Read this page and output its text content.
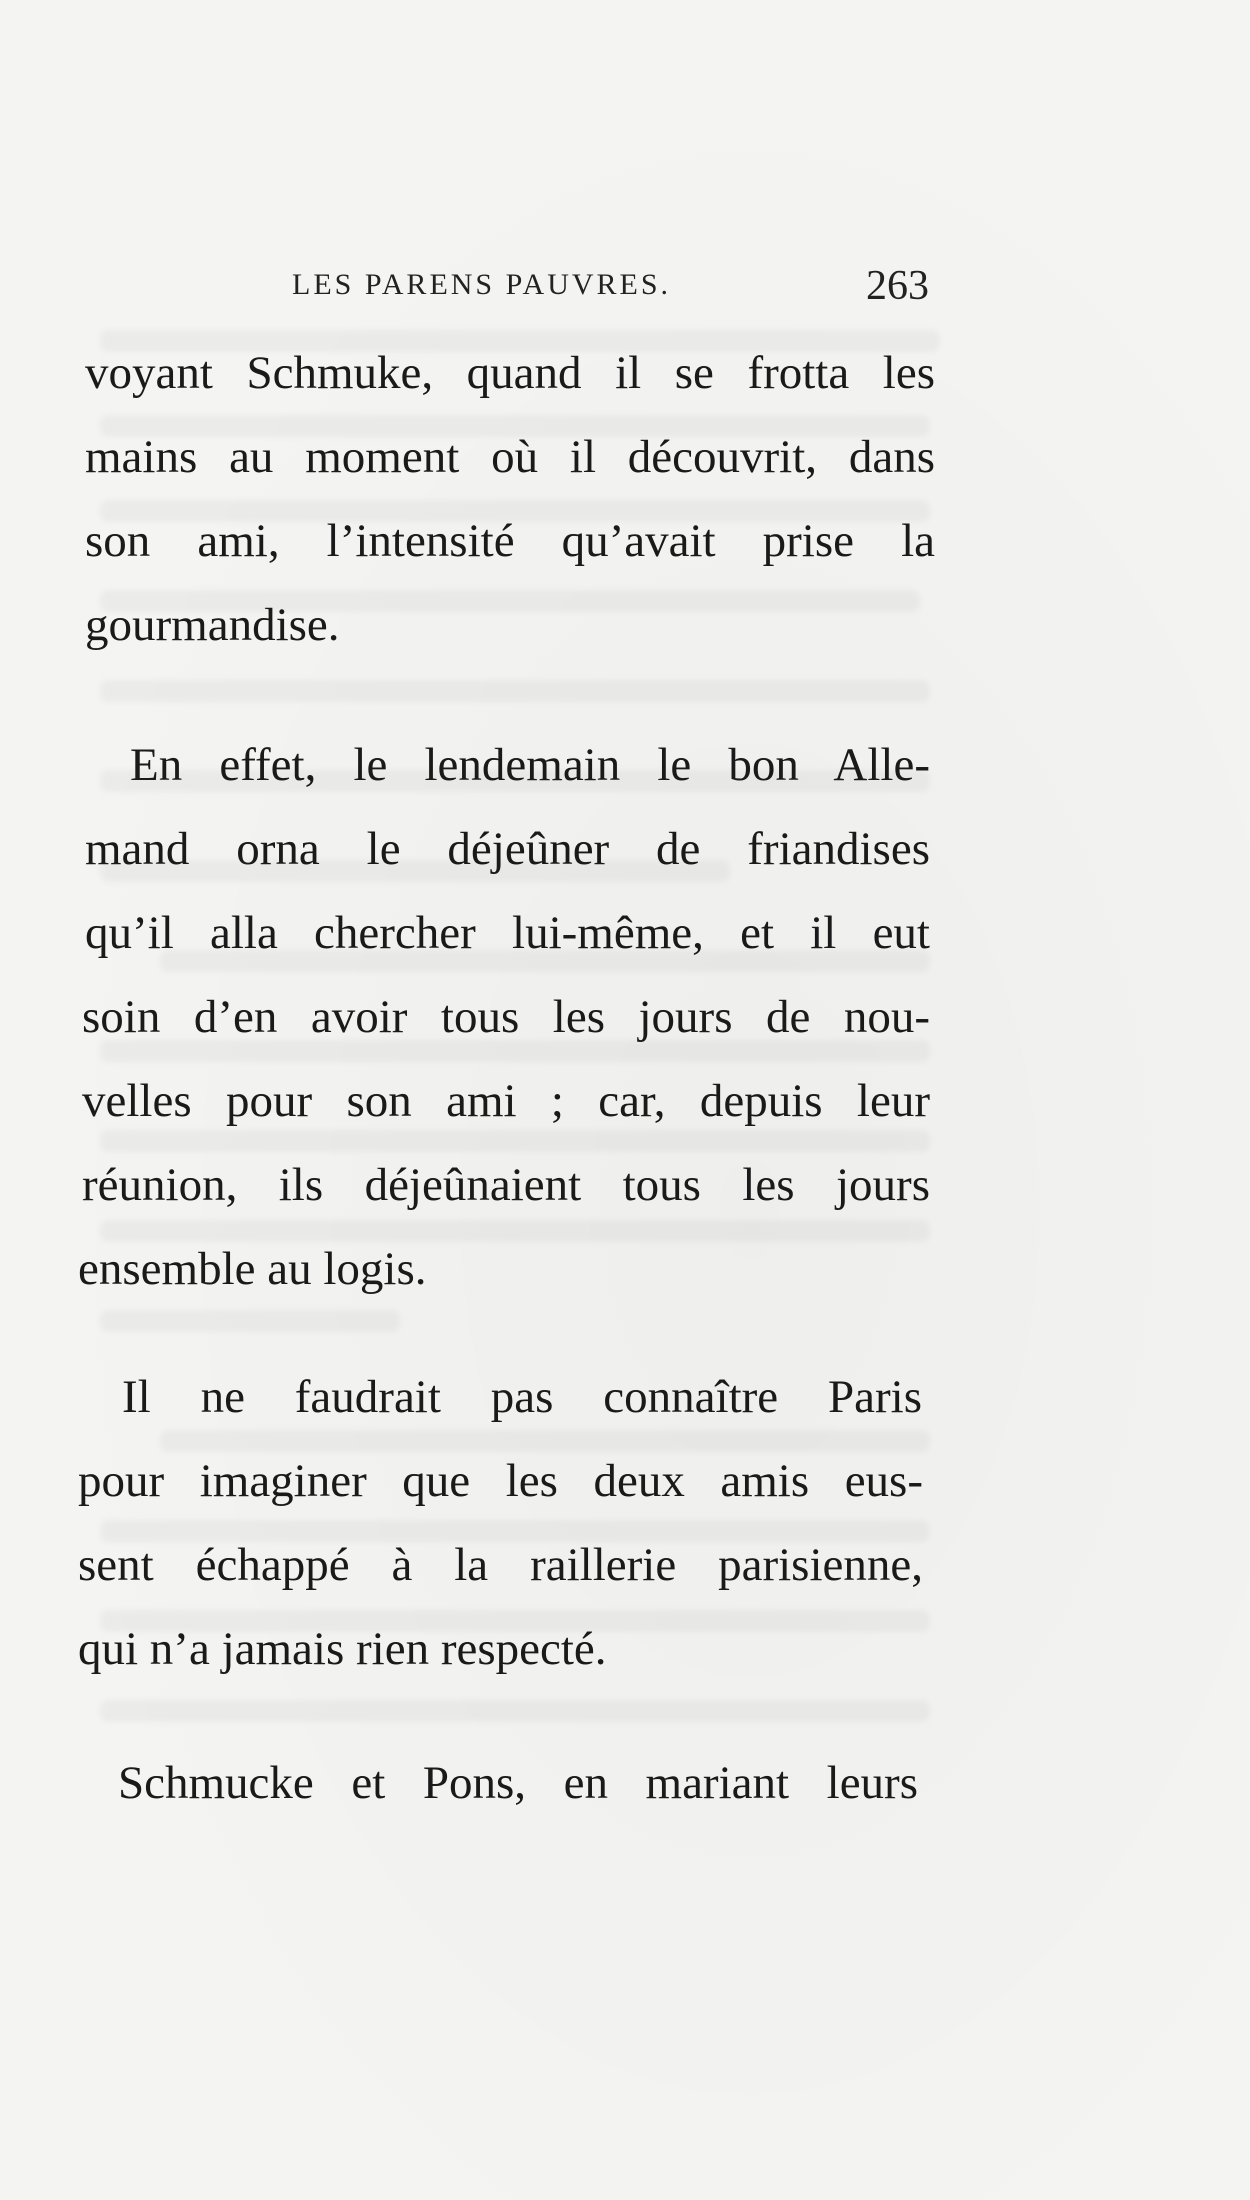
LES PARENS PAUVRES.	263
voyant Schmuke, quand il se frotta les
mains au moment où il découvrit, dans
son ami, l’intensité qu’avait prise la
gourmandise.
En effet, le lendemain le bon Alle-
mand orna le déjeûner de friandises
qu’il alla chercher lui-même, et il eut
soin d’en avoir tous les jours de nou-
velles pour son ami ; car, depuis leur
réunion, ils déjeûnaient tous les jours
ensemble au logis.
Il ne faudrait pas connaître Paris
pour imaginer que les deux amis eus-
sent échappé à la raillerie parisienne,
qui n’a jamais rien respecté.
Schmucke et Pons, en mariant leurs
